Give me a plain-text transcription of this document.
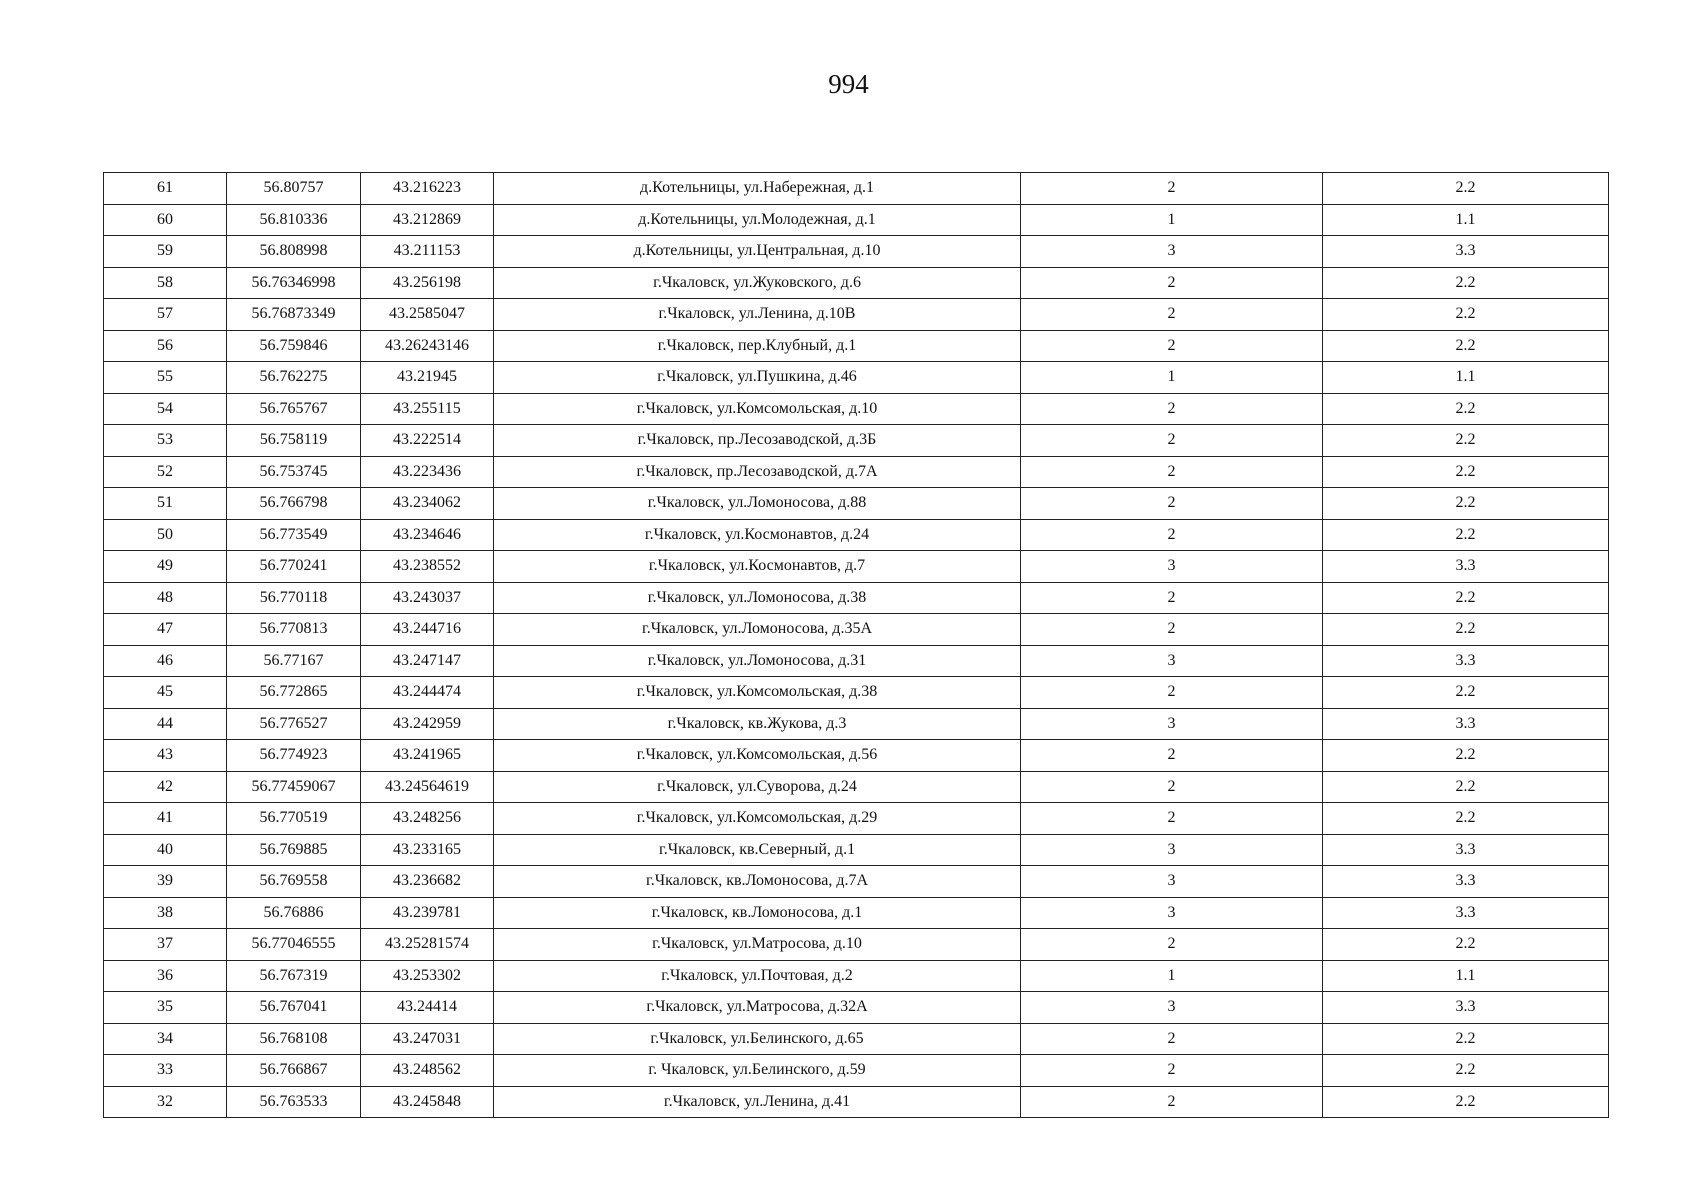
994
61	56.80757	43.216223	д.Котельницы, ул.Набережная, д.1	2	2.2
60	56.810336	43.212869	д.Котельницы, ул.Молодежная, д.1	1	1.1
59	56.808998	43.211153	д.Котельницы, ул.Центральная, д.10	3	3.3
58	56.76346998	43.256198	г.Чкаловск, ул.Жуковского, д.6	2	2.2
57	56.76873349	43.2585047	г.Чкаловск, ул.Ленина, д.10В	2	2.2
56	56.759846	43.26243146	г.Чкаловск, пер.Клубный, д.1	2	2.2
55	56.762275	43.21945	г.Чкаловск, ул.Пушкина, д.46	1	1.1
54	56.765767	43.255115	г.Чкаловск, ул.Комсомольская, д.10	2	2.2
53	56.758119	43.222514	г.Чкаловск, пр.Лесозаводской, д.3Б	2	2.2
52	56.753745	43.223436	г.Чкаловск, пр.Лесозаводской, д.7А	2	2.2
51	56.766798	43.234062	г.Чкаловск, ул.Ломоносова, д.88	2	2.2
50	56.773549	43.234646	г.Чкаловск, ул.Космонавтов, д.24	2	2.2
49	56.770241	43.238552	г.Чкаловск, ул.Космонавтов, д.7	3	3.3
48	56.770118	43.243037	г.Чкаловск, ул.Ломоносова, д.38	2	2.2
47	56.770813	43.244716	г.Чкаловск, ул.Ломоносова, д.35А	2	2.2
46	56.77167	43.247147	г.Чкаловск, ул.Ломоносова, д.31	3	3.3
45	56.772865	43.244474	г.Чкаловск, ул.Комсомольская, д.38	2	2.2
44	56.776527	43.242959	г.Чкаловск, кв.Жукова, д.3	3	3.3
43	56.774923	43.241965	г.Чкаловск, ул.Комсомольская, д.56	2	2.2
42	56.77459067	43.24564619	г.Чкаловск, ул.Суворова, д.24	2	2.2
41	56.770519	43.248256	г.Чкаловск, ул.Комсомольская, д.29	2	2.2
40	56.769885	43.233165	г.Чкаловск, кв.Северный, д.1	3	3.3
39	56.769558	43.236682	г.Чкаловск, кв.Ломоносова, д.7А	3	3.3
38	56.76886	43.239781	г.Чкаловск, кв.Ломоносова, д.1	3	3.3
37	56.77046555	43.25281574	г.Чкаловск, ул.Матросова, д.10	2	2.2
36	56.767319	43.253302	г.Чкаловск, ул.Почтовая, д.2	1	1.1
35	56.767041	43.24414	г.Чкаловск, ул.Матросова, д.32А	3	3.3
34	56.768108	43.247031	г.Чкаловск, ул.Белинского, д.65	2	2.2
33	56.766867	43.248562	г. Чкаловск, ул.Белинского, д.59	2	2.2
32	56.763533	43.245848	г.Чкаловск, ул.Ленина, д.41	2	2.2
